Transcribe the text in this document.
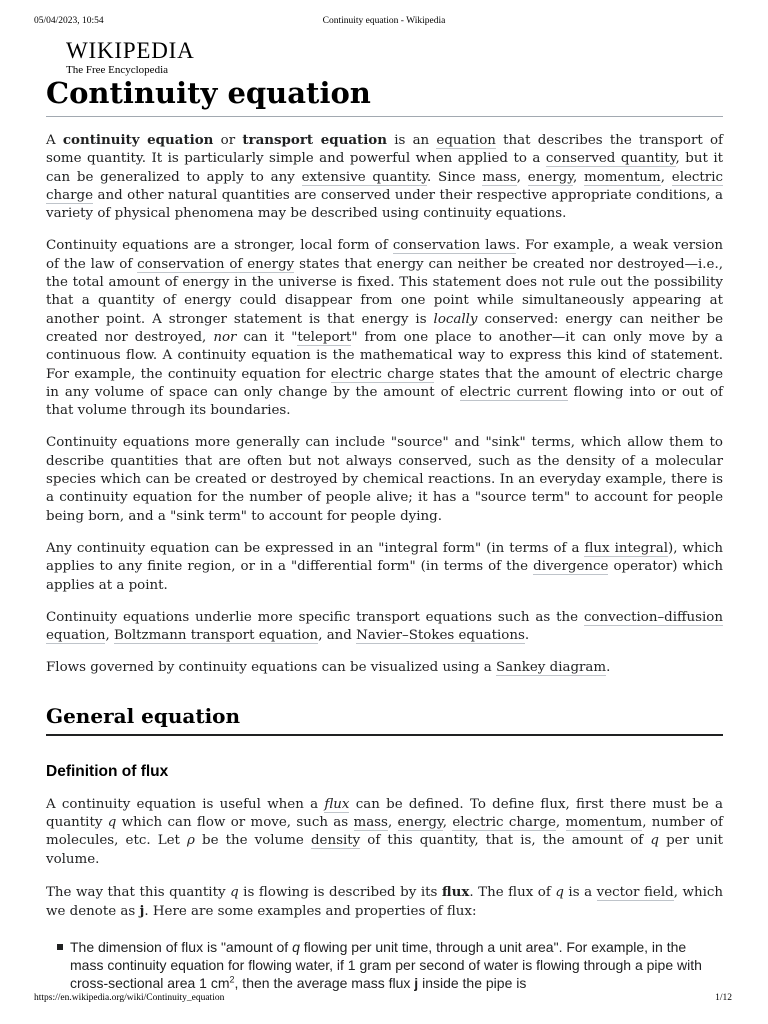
05/04/2023, 10:54	Continuity equation - Wikipedia
WIKIPEDIA
The Free Encyclopedia
Continuity equation

A continuity equation or transport equation is an equation that describes the transport of some quantity. It is particularly simple and powerful when applied to a conserved quantity, but it can be generalized to apply to any extensive quantity. Since mass, energy, momentum, electric charge and other natural quantities are conserved under their respective appropriate conditions, a variety of physical phenomena may be described using continuity equations.

Continuity equations are a stronger, local form of conservation laws. For example, a weak version of the law of conservation of energy states that energy can neither be created nor destroyed—i.e., the total amount of energy in the universe is fixed. This statement does not rule out the possibility that a quantity of energy could disappear from one point while simultaneously appearing at another point. A stronger statement is that energy is locally conserved: energy can neither be created nor destroyed, nor can it "teleport" from one place to another—it can only move by a continuous flow. A continuity equation is the mathematical way to express this kind of statement. For example, the continuity equation for electric charge states that the amount of electric charge in any volume of space can only change by the amount of electric current flowing into or out of that volume through its boundaries.

Continuity equations more generally can include "source" and "sink" terms, which allow them to describe quantities that are often but not always conserved, such as the density of a molecular species which can be created or destroyed by chemical reactions. In an everyday example, there is a continuity equation for the number of people alive; it has a "source term" to account for people being born, and a "sink term" to account for people dying.

Any continuity equation can be expressed in an "integral form" (in terms of a flux integral), which applies to any finite region, or in a "differential form" (in terms of the divergence operator) which applies at a point.

Continuity equations underlie more specific transport equations such as the convection–diffusion equation, Boltzmann transport equation, and Navier–Stokes equations.

Flows governed by continuity equations can be visualized using a Sankey diagram.

General equation
Definition of flux

A continuity equation is useful when a flux can be defined. To define flux, first there must be a quantity q which can flow or move, such as mass, energy, electric charge, momentum, number of molecules, etc. Let ρ be the volume density of this quantity, that is, the amount of q per unit volume.

The way that this quantity q is flowing is described by its flux. The flux of q is a vector field, which we denote as j. Here are some examples and properties of flux:

The dimension of flux is "amount of q flowing per unit time, through a unit area". For example, in the mass continuity equation for flowing water, if 1 gram per second of water is flowing through a pipe with cross-sectional area 1 $cm^2$, then the average mass flux j inside the pipe is
https://en.wikipedia.org/wiki/Continuity_equation	1/12
